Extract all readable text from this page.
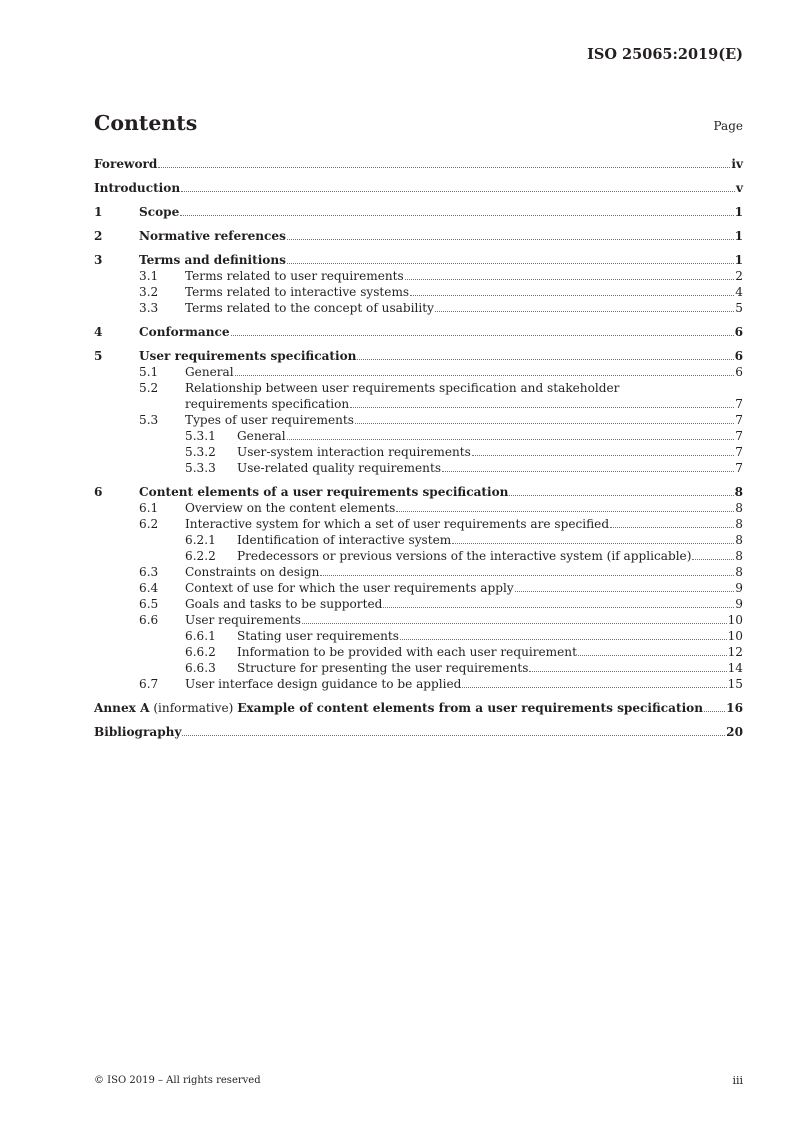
ISO 25065:2019(E)
Contents	Page
Foreword	iv
Introduction	v
1	Scope	1
2	Normative references	1
3	Terms and definitions	1
3.1 Terms related to user requirements	2
3.2 Terms related to interactive systems	4
3.3 Terms related to the concept of usability	5
4	Conformance	6
5	User requirements specification	6
5.1 General	6
5.2 Relationship between user requirements specification and stakeholder
requirements specification	7
5.3 Types of user requirements	7
5.3.1 General	7
5.3.2 User-system interaction requirements	7
5.3.3 Use-related quality requirements	7
6	Content elements of a user requirements specification	8
6.1 Overview on the content elements	8
6.2 Interactive system for which a set of user requirements are specified	8
6.2.1 Identification of interactive system	8
6.2.2 Predecessors or previous versions of the interactive system (if applicable)	8
6.3 Constraints on design	8
6.4 Context of use for which the user requirements apply	9
6.5 Goals and tasks to be supported	9
6.6 User requirements	10
6.6.1 Stating user requirements	10
6.6.2 Information to be provided with each user requirement	12
6.6.3 Structure for presenting the user requirements	14
6.7 User interface design guidance to be applied	15
Annex A (informative) Example of content elements from a user requirements specification 16
Bibliography	20
© ISO 2019 – All rights reserved	iii
